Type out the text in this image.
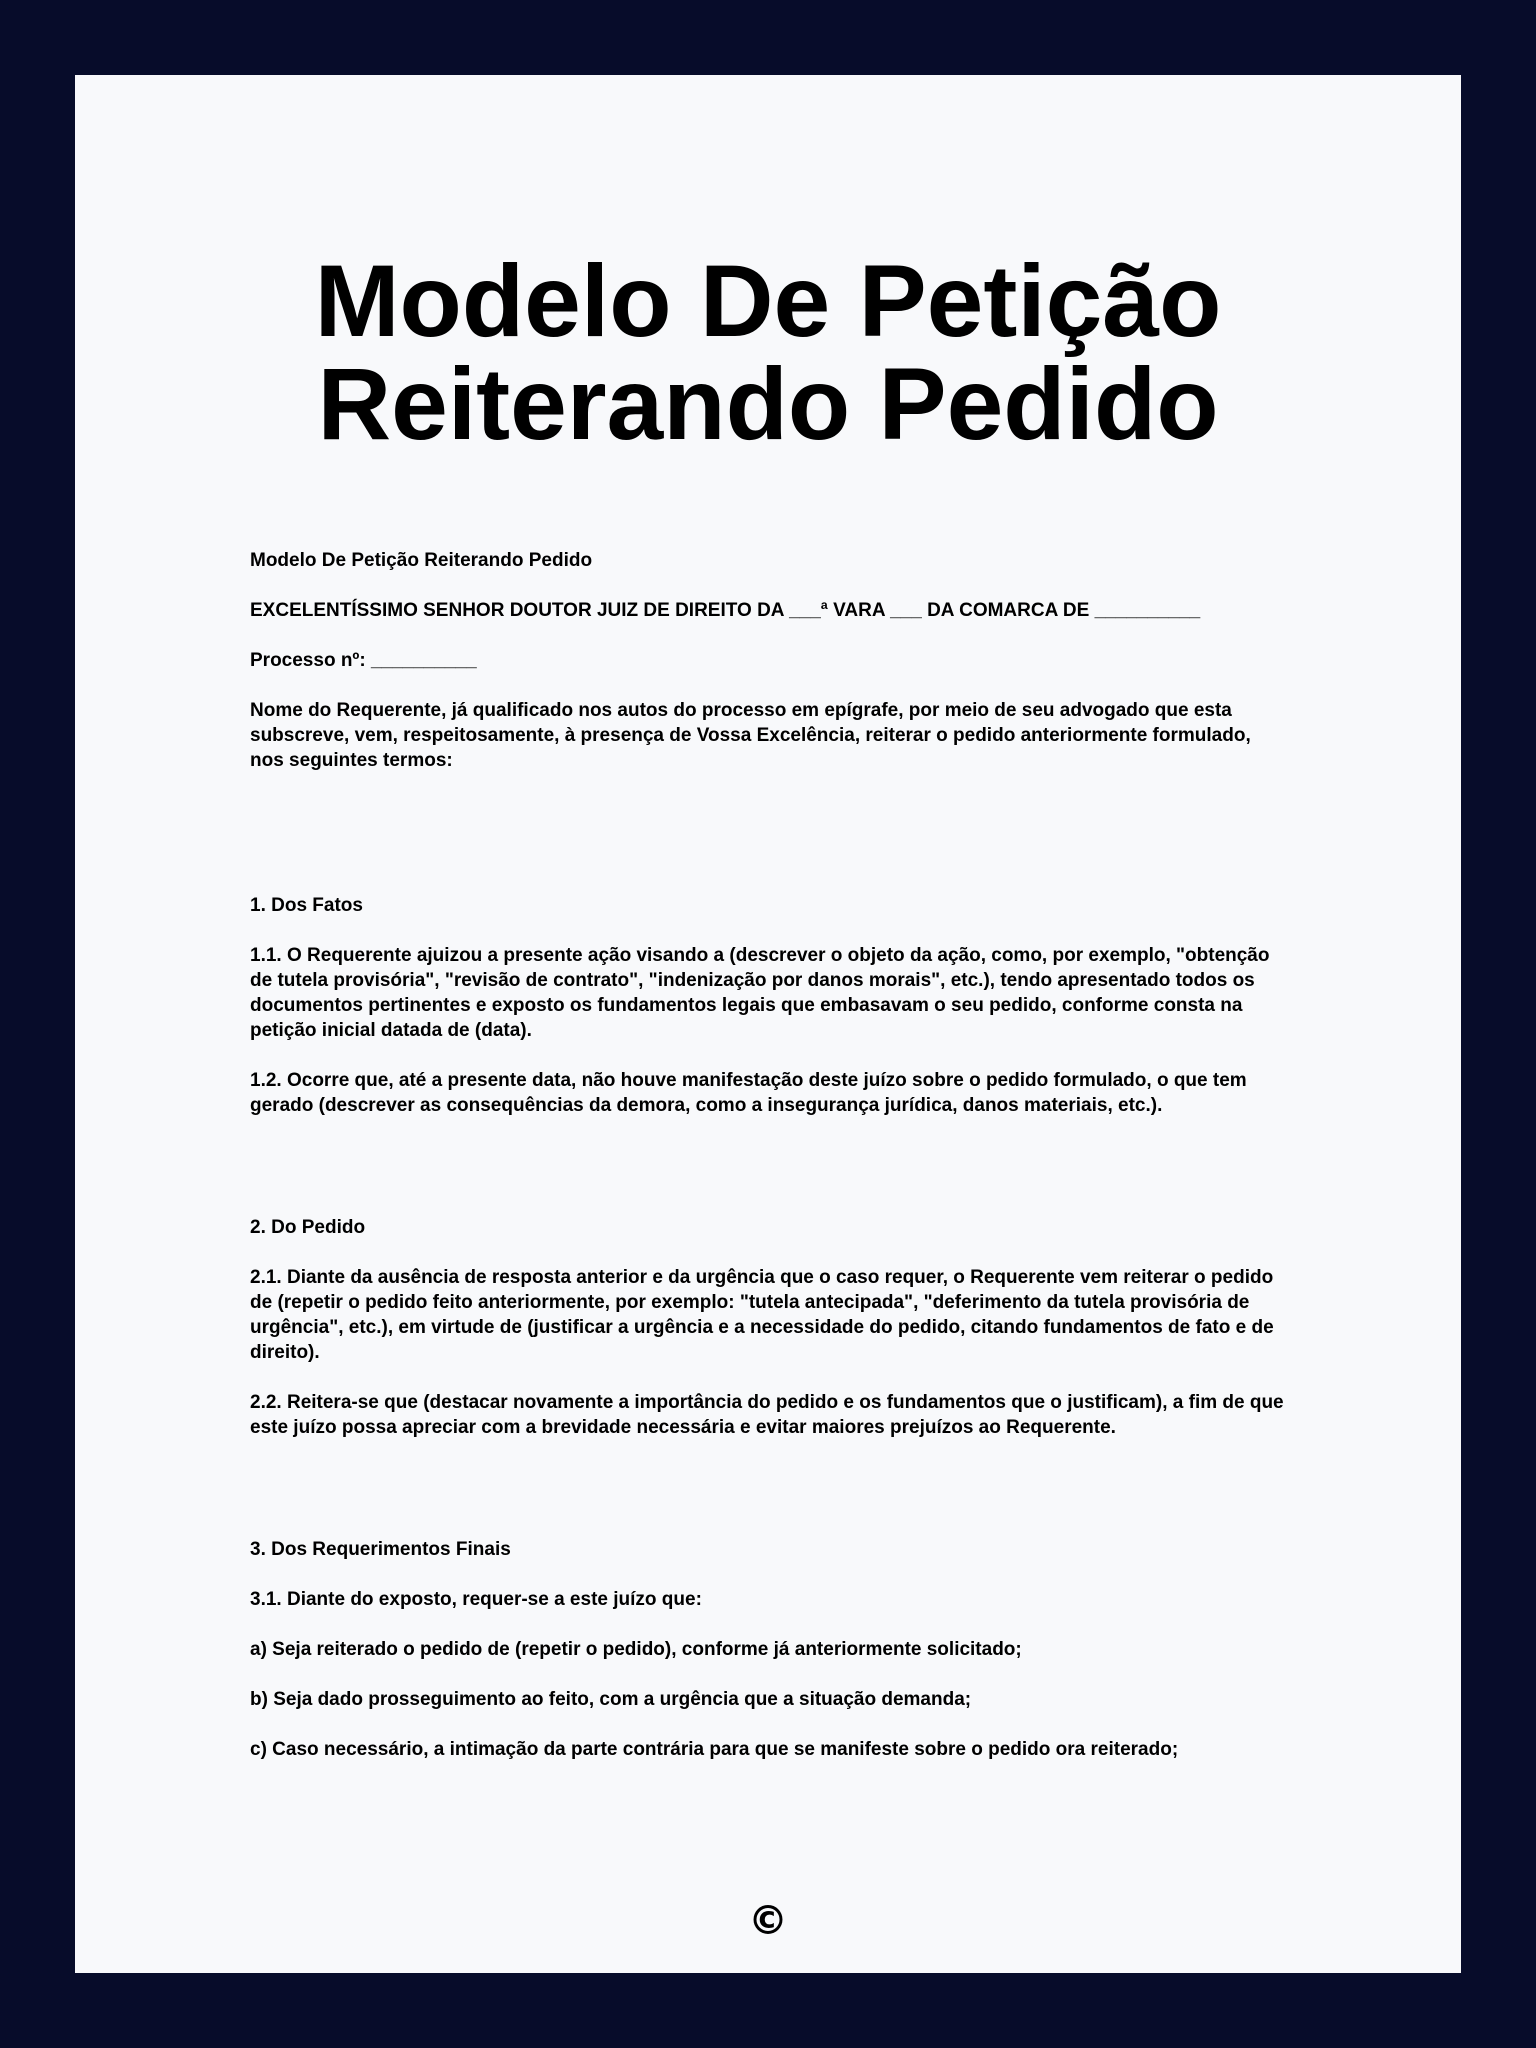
Modelo De Petição
Reiterando Pedido

Modelo De Petição Reiterando Pedido

EXCELENTÍSSIMO SENHOR DOUTOR JUIZ DE DIREITO DA ___ª VARA ___ DA COMARCA DE __________

Processo nº: __________

Nome do Requerente, já qualificado nos autos do processo em epígrafe, por meio de seu advogado que esta subscreve, vem, respeitosamente, à presença de Vossa Excelência, reiterar o pedido anteriormente formulado, nos seguintes termos:

1. Dos Fatos

1.1. O Requerente ajuizou a presente ação visando a (descrever o objeto da ação, como, por exemplo, "obtenção de tutela provisória", "revisão de contrato", "indenização por danos morais", etc.), tendo apresentado todos os documentos pertinentes e exposto os fundamentos legais que embasavam o seu pedido, conforme consta na petição inicial datada de (data).

1.2. Ocorre que, até a presente data, não houve manifestação deste juízo sobre o pedido formulado, o que tem gerado (descrever as consequências da demora, como a insegurança jurídica, danos materiais, etc.).

2. Do Pedido

2.1. Diante da ausência de resposta anterior e da urgência que o caso requer, o Requerente vem reiterar o pedido de (repetir o pedido feito anteriormente, por exemplo: "tutela antecipada", "deferimento da tutela provisória de urgência", etc.), em virtude de (justificar a urgência e a necessidade do pedido, citando fundamentos de fato e de direito).

2.2. Reitera-se que (destacar novamente a importância do pedido e os fundamentos que o justificam), a fim de que este juízo possa apreciar com a brevidade necessária e evitar maiores prejuízos ao Requerente.

3. Dos Requerimentos Finais

3.1. Diante do exposto, requer-se a este juízo que:

a) Seja reiterado o pedido de (repetir o pedido), conforme já anteriormente solicitado;

b) Seja dado prosseguimento ao feito, com a urgência que a situação demanda;

c) Caso necessário, a intimação da parte contrária para que se manifeste sobre o pedido ora reiterado;

©
